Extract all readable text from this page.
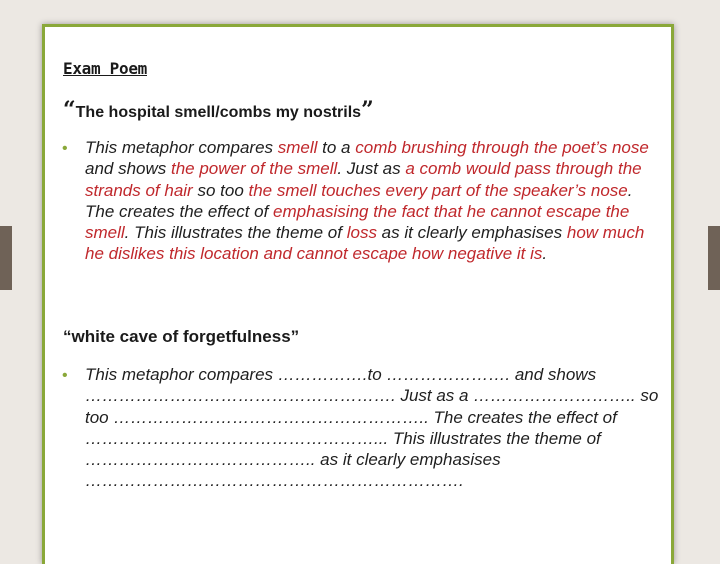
Exam Poem
“The hospital smell/combs my nostrils”
• This metaphor compares smell to a comb brushing through the poet’s nose and shows the power of the smell. Just as a comb would pass through the strands of hair so too the smell touches every part of the speaker’s nose. The creates the effect of emphasising the fact that he cannot escape the smell. This illustrates the theme of loss as it clearly emphasises how much he dislikes this location and cannot escape how negative it is.
“white cave of forgetfulness”
• This metaphor compares …………….to …………………. and shows ………………………………………………. Just as a ……………………….. so too ……………………………………………….. The creates the effect of ……………………………………………... This illustrates the theme of ………………………………….. as it clearly emphasises ………………………………………………………….
